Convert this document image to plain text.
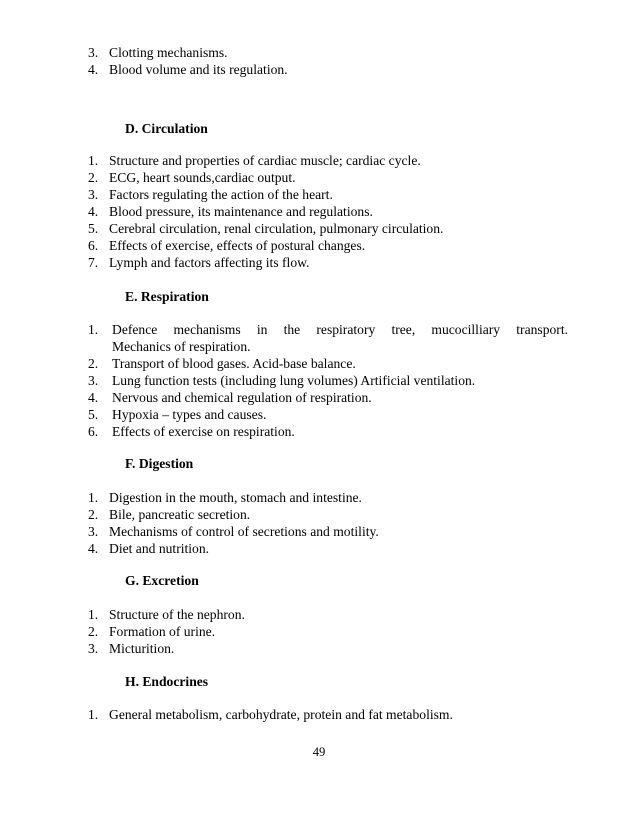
3. Clotting mechanisms.
4. Blood volume and its regulation.
D. Circulation
1. Structure and properties of cardiac muscle; cardiac cycle.
2. ECG, heart sounds,cardiac output.
3. Factors regulating the action of the heart.
4. Blood pressure, its maintenance and regulations.
5. Cerebral circulation, renal circulation, pulmonary circulation.
6. Effects of exercise, effects of postural changes.
7. Lymph and factors affecting its flow.
E. Respiration
1.	Defence mechanisms in the respiratory tree, mucocilliary transport.
Mechanics of respiration.
2.	Transport of blood gases. Acid-base balance.
3.	Lung function tests (including lung volumes) Artificial ventilation.
4.	Nervous and chemical regulation of respiration.
5.	Hypoxia – types and causes.
6.	Effects of exercise on respiration.
F. Digestion
1. Digestion in the mouth, stomach and intestine.
2. Bile, pancreatic secretion.
3. Mechanisms of control of secretions and motility.
4. Diet and nutrition.
G. Excretion
1. Structure of the nephron.
2. Formation of urine.
3. Micturition.
H. Endocrines
1. General metabolism, carbohydrate, protein and fat metabolism.
49
